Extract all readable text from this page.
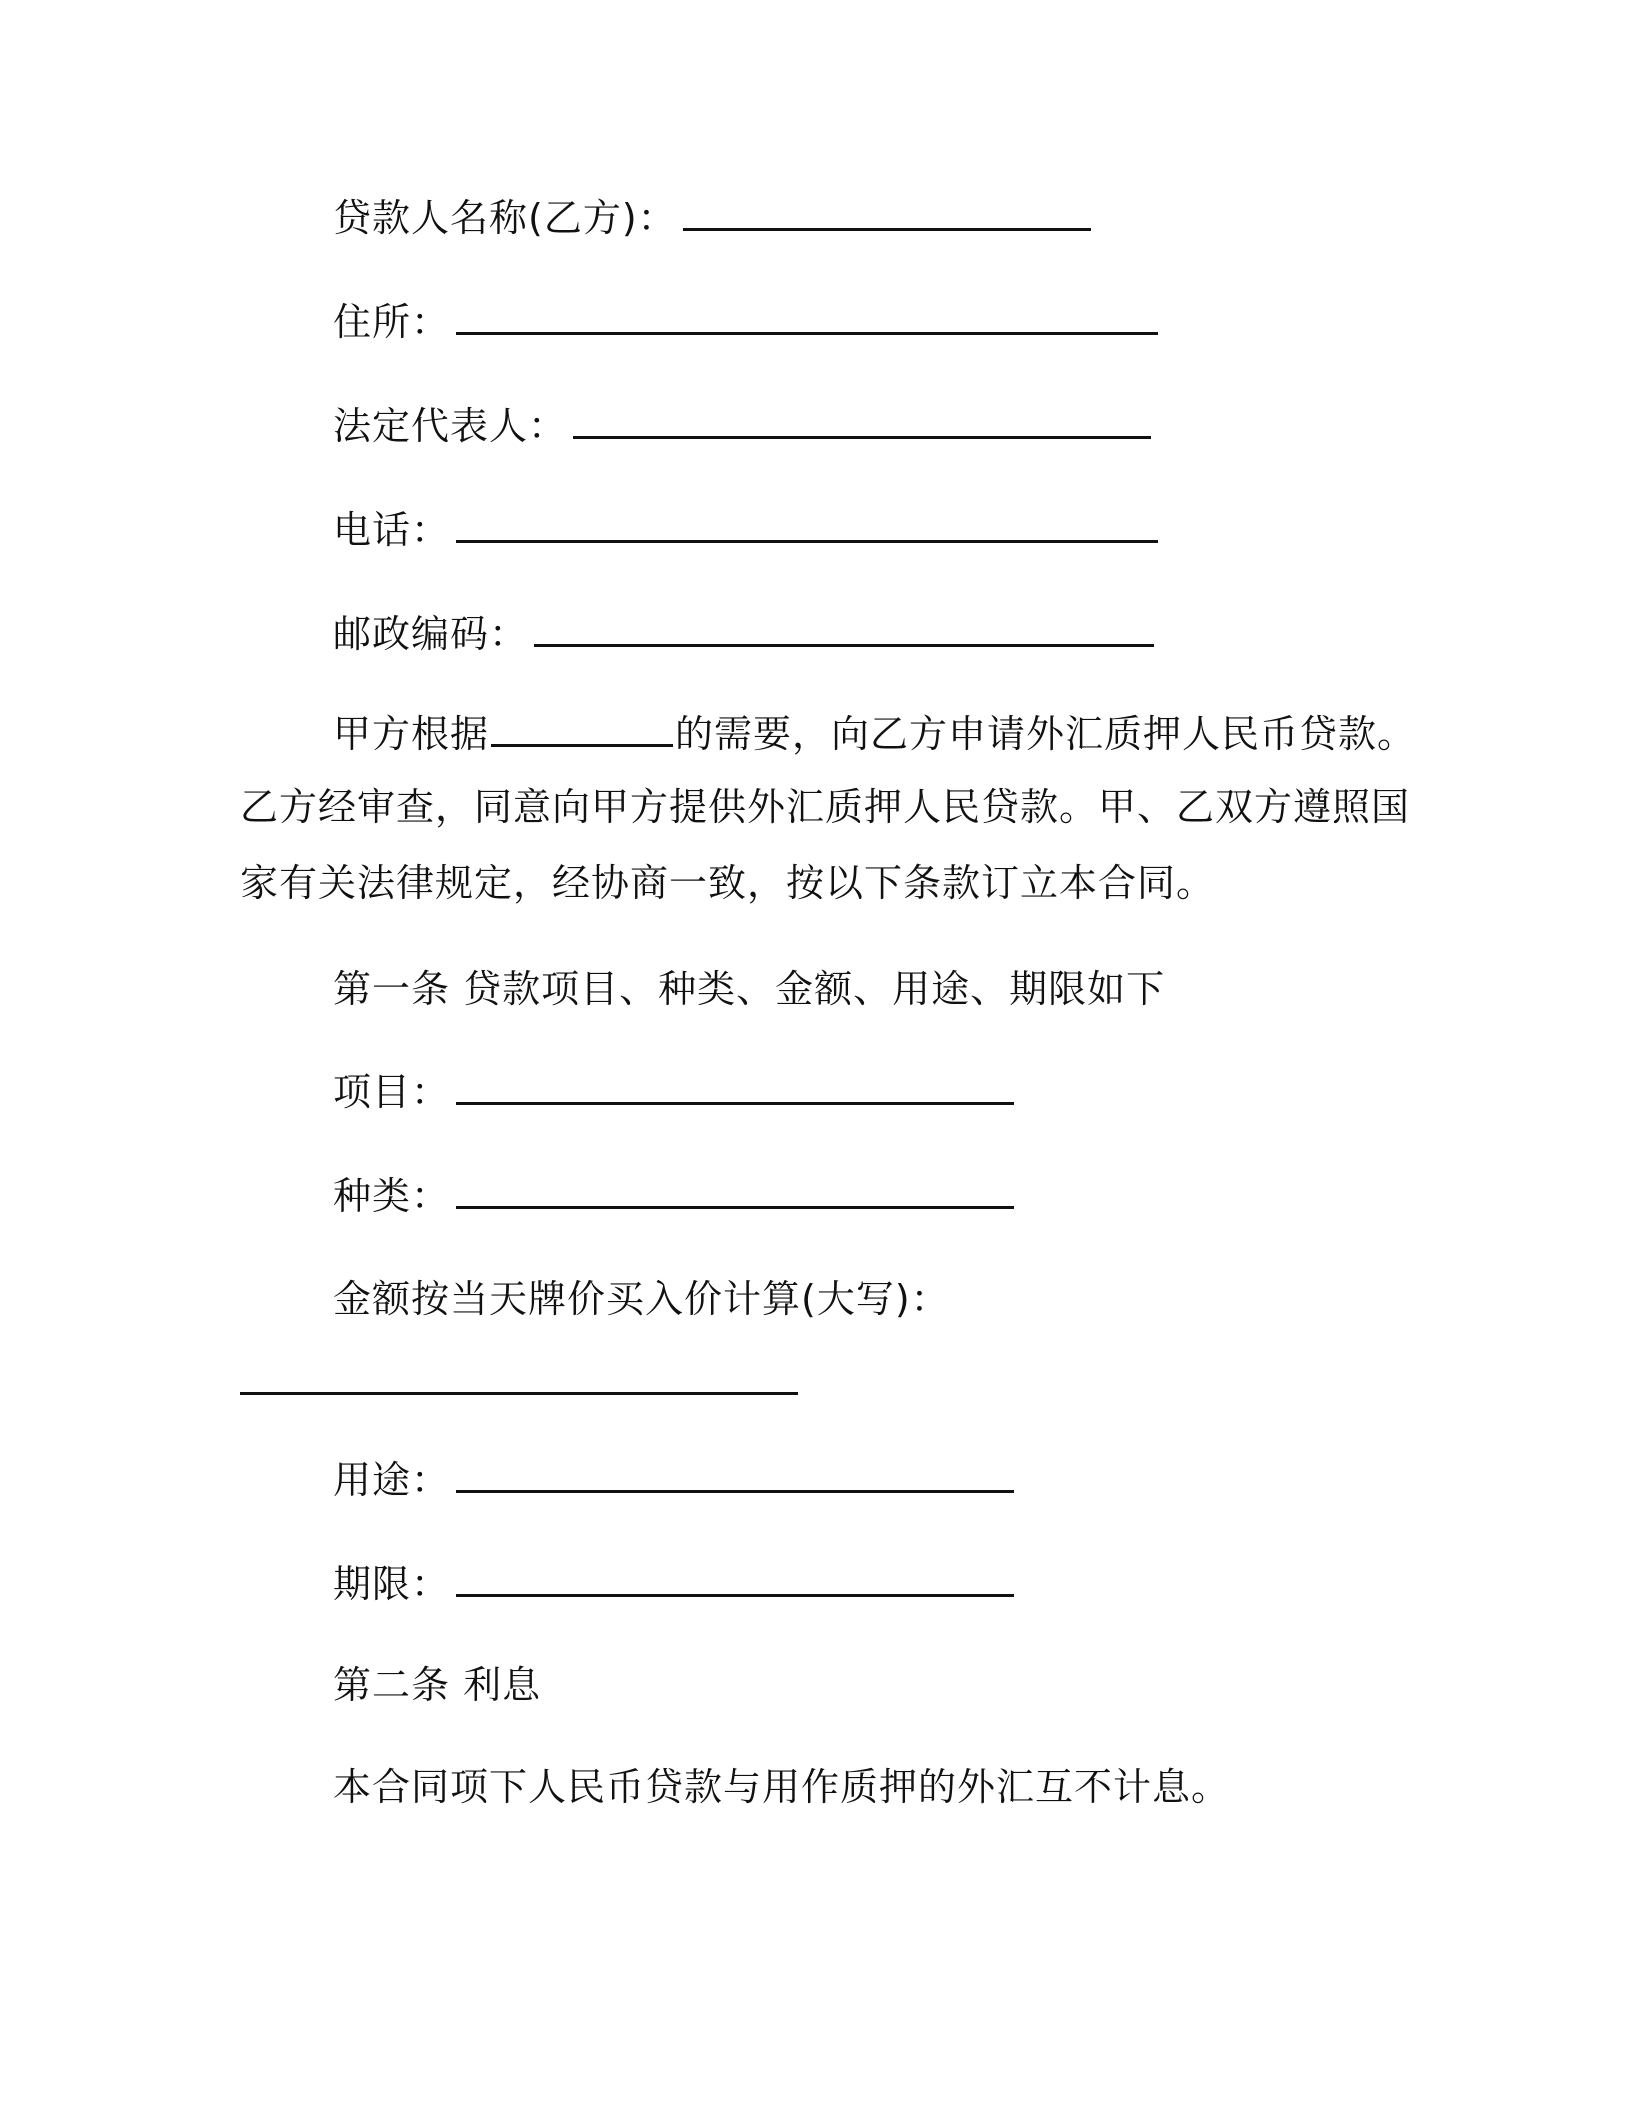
贷款人名称(乙方)：
住所：
法定代表人：
电话：
邮政编码：
甲方根据	的需要，向乙方申请外汇质押人民币贷款。
乙方经审查，同意向甲方提供外汇质押人民贷款。甲、乙双方遵照国
家有关法律规定，经协商一致，按以下条款订立本合同。
第一条 贷款项目、种类、金额、用途、期限如下
项目：
种类：
金额按当天牌价买入价计算(大写)：
用途：
期限：
第二条 利息
本合同项下人民币贷款与用作质押的外汇互不计息。
